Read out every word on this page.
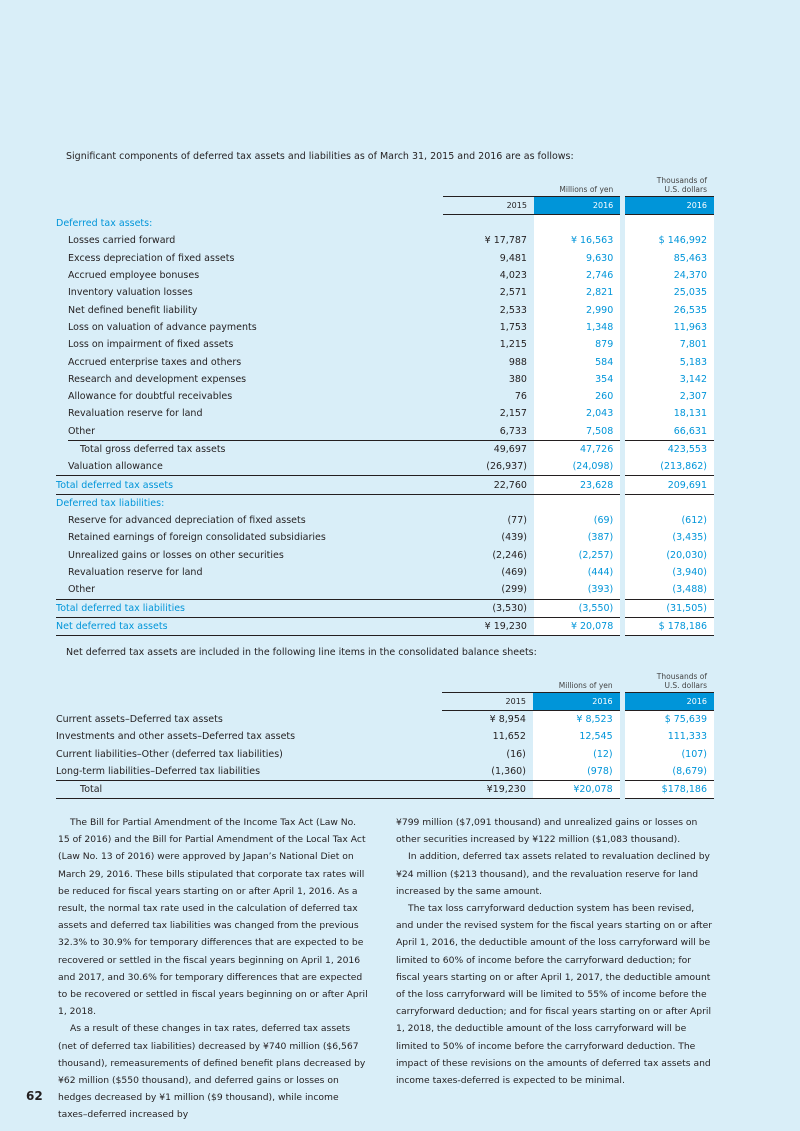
Significant components of deferred tax assets and liabilities as of March 31, 2015 and 2016 are as follows:
		Millions of yen		Thousands of
U.S. dollars

	2015	2016		2016
Deferred tax assets:				
Losses carried forward	¥ 17,787	¥ 16,563		$ 146,992
Excess depreciation of fixed assets	9,481	9,630		85,463
Accrued employee bonuses	4,023	2,746		24,370
Inventory valuation losses	2,571	2,821		25,035
Net defined benefit liability	2,533	2,990		26,535
Loss on valuation of advance payments	1,753	1,348		11,963
Loss on impairment of fixed assets	1,215	879		7,801
Accrued enterprise taxes and others	988	584		5,183
Research and development expenses	380	354		3,142
Allowance for doubtful receivables	76	260		2,307
Revaluation reserve for land	2,157	2,043		18,131
Other	6,733	7,508		66,631
Total gross deferred tax assets	49,697	47,726		423,553
Valuation allowance	(26,937)	(24,098)		(213,862)
Total deferred tax assets	22,760	23,628		209,691
Deferred tax liabilities:				
Reserve for advanced depreciation of fixed assets	(77)	(69)		(612)
Retained earnings of foreign consolidated subsidiaries	(439)	(387)		(3,435)
Unrealized gains or losses on other securities	(2,246)	(2,257)		(20,030)
Revaluation reserve for land	(469)	(444)		(3,940)
Other	(299)	(393)		(3,488)
Total deferred tax liabilities	(3,530)	(3,550)		(31,505)
Net deferred tax assets	¥ 19,230	¥ 20,078		$ 178,186
Net deferred tax assets are included in the following line items in the consolidated balance sheets:
		Millions of yen		Thousands of
U.S. dollars

	2015	2016		2016
Current assets–Deferred tax assets	¥ 8,954	¥ 8,523		$ 75,639
Investments and other assets–Deferred tax assets	11,652	12,545		111,333
Current liabilities–Other (deferred tax liabilities)	(16)	(12)		(107)
Long-term liabilities–Deferred tax liabilities	(1,360)	(978)		(8,679)
Total	¥19,230	¥20,078		$178,186

The Bill for Partial Amendment of the Income Tax Act (Law No. 15 of 2016) and the Bill for Partial Amendment of the Local Tax Act (Law No. 13 of 2016) were approved by Japan’s National Diet on March 29, 2016. These bills stipulated that corporate tax rates will be reduced for fiscal years starting on or after April 1, 2016. As a result, the normal tax rate used in the calculation of deferred tax assets and deferred tax liabilities was changed from the previous 32.3% to 30.9% for temporary differences that are expected to be recovered or settled in the fiscal years beginning on April 1, 2016 and 2017, and 30.6% for temporary differences that are expected to be recovered or settled in fiscal years beginning on or after April 1, 2018.

As a result of these changes in tax rates, deferred tax assets (net of deferred tax liabilities) decreased by ¥740 million ($6,567 thousand), remeasurements of defined benefit plans decreased by ¥62 million ($550 thousand), and deferred gains or losses on hedges decreased by ¥1 million ($9 thousand), while income taxes–deferred increased by

¥799 million ($7,091 thousand) and unrealized gains or losses on other securities increased by ¥122 million ($1,083 thousand).

In addition, deferred tax assets related to revaluation declined by ¥24 million ($213 thousand), and the revaluation reserve for land increased by the same amount.

The tax loss carryforward deduction system has been revised, and under the revised system for the fiscal years starting on or after April 1, 2016, the deductible amount of the loss carryforward will be limited to 60% of income before the carryforward deduction; for fiscal years starting on or after April 1, 2017, the deductible amount of the loss carryforward will be limited to 55% of income before the carryforward deduction; and for fiscal years starting on or after April 1, 2018, the deductible amount of the loss carryforward will be limited to 50% of income before the carryforward deduction. The impact of these revisions on the amounts of deferred tax assets and income taxes-deferred is expected to be minimal.

62
